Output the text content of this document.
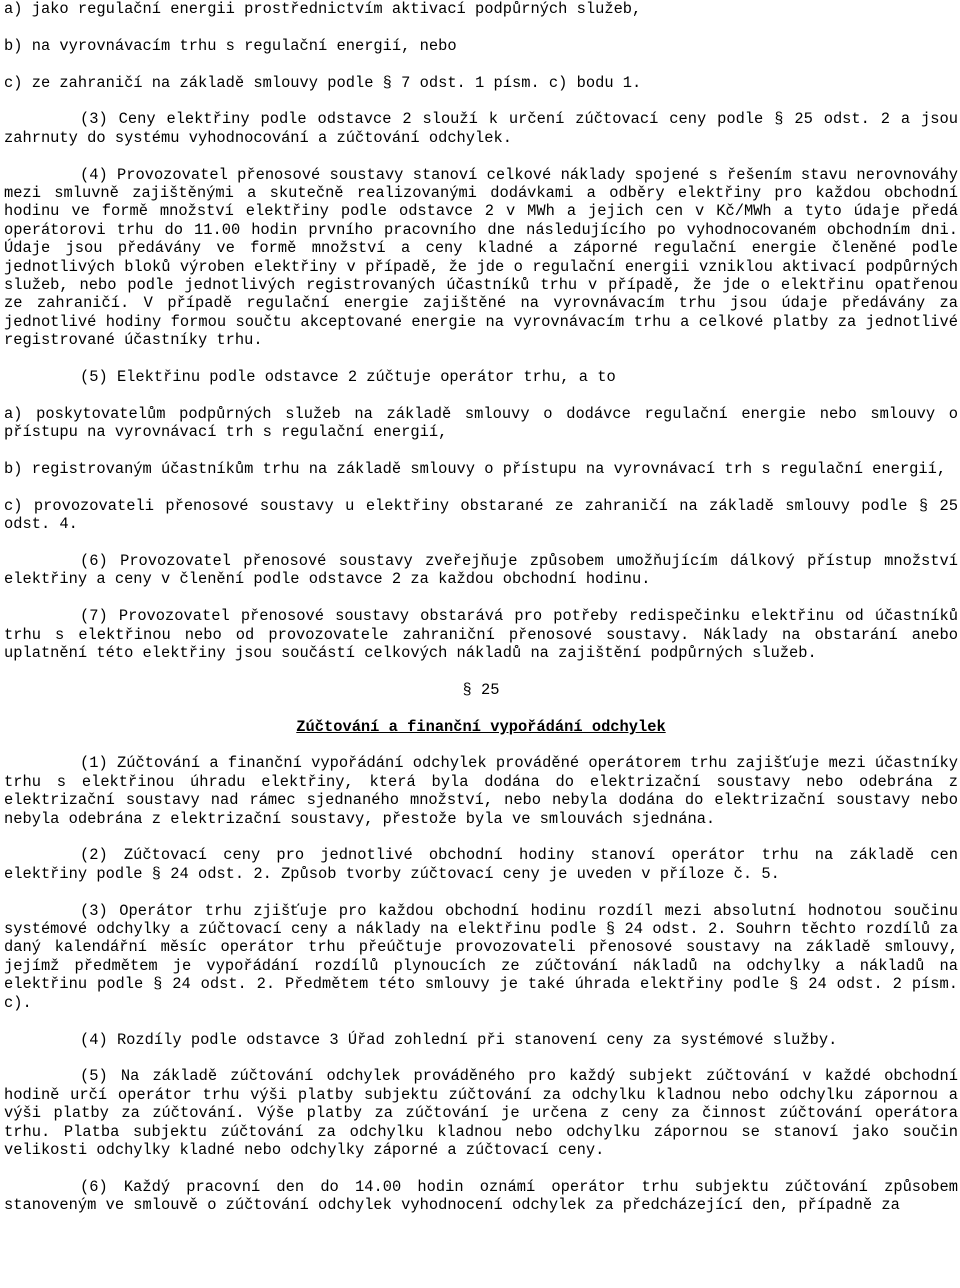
a) jako regulační energii prostřednictvím aktivací podpůrných služeb,

b) na vyrovnávacím trhu s regulační energií, nebo

c) ze zahraničí na základě smlouvy podle § 7 odst. 1 písm. c) bodu 1.

(3) Ceny elektřiny podle odstavce 2 slouží k určení zúčtovací ceny podle § 25 odst. 2 a jsou zahrnuty do systému vyhodnocování a zúčtování odchylek.

(4) Provozovatel přenosové soustavy stanoví celkové náklady spojené s řešením stavu nerovnováhy mezi smluvně zajištěnými a skutečně realizovanými dodávkami a odběry elektřiny pro každou obchodní hodinu ve formě množství elektřiny podle odstavce 2 v MWh a jejich cen v Kč/MWh a tyto údaje předá operátorovi trhu do 11.00 hodin prvního pracovního dne následujícího po vyhodnocovaném obchodním dni. Údaje jsou předávány ve formě množství a ceny kladné a záporné regulační energie členěné podle jednotlivých bloků výroben elektřiny v případě, že jde o regulační energii vzniklou aktivací podpůrných služeb, nebo podle jednotlivých registrovaných účastníků trhu v případě, že jde o elektřinu opatřenou ze zahraničí. V případě regulační energie zajištěné na vyrovnávacím trhu jsou údaje předávány za jednotlivé hodiny formou součtu akceptované energie na vyrovnávacím trhu a celkové platby za jednotlivé registrované účastníky trhu.

(5) Elektřinu podle odstavce 2 zúčtuje operátor trhu, a to

a) poskytovatelům podpůrných služeb na základě smlouvy o dodávce regulační energie nebo smlouvy o přístupu na vyrovnávací trh s regulační energií,

b) registrovaným účastníkům trhu na základě smlouvy o přístupu na vyrovnávací trh s regulační energií,

c) provozovateli přenosové soustavy u elektřiny obstarané ze zahraničí na základě smlouvy podle § 25 odst. 4.

(6) Provozovatel přenosové soustavy zveřejňuje způsobem umožňujícím dálkový přístup množství elektřiny a ceny v členění podle odstavce 2 za každou obchodní hodinu.

(7) Provozovatel přenosové soustavy obstarává pro potřeby redispečinku elektřinu od účastníků trhu s elektřinou nebo od provozovatele zahraniční přenosové soustavy. Náklady na obstarání anebo uplatnění této elektřiny jsou součástí celkových nákladů na zajištění podpůrných služeb.

§ 25

Zúčtování a finanční vypořádání odchylek

(1) Zúčtování a finanční vypořádání odchylek prováděné operátorem trhu zajišťuje mezi účastníky trhu s elektřinou úhradu elektřiny, která byla dodána do elektrizační soustavy nebo odebrána z elektrizační soustavy nad rámec sjednaného množství, nebo nebyla dodána do elektrizační soustavy nebo nebyla odebrána z elektrizační soustavy, přestože byla ve smlouvách sjednána.

(2) Zúčtovací ceny pro jednotlivé obchodní hodiny stanoví operátor trhu na základě cen elektřiny podle § 24 odst. 2. Způsob tvorby zúčtovací ceny je uveden v příloze č. 5.

(3) Operátor trhu zjišťuje pro každou obchodní hodinu rozdíl mezi absolutní hodnotou součinu systémové odchylky a zúčtovací ceny a náklady na elektřinu podle § 24 odst. 2. Souhrn těchto rozdílů za daný kalendářní měsíc operátor trhu přeúčtuje provozovateli přenosové soustavy na základě smlouvy, jejímž předmětem je vypořádání rozdílů plynoucích ze zúčtování nákladů na odchylky a nákladů na elektřinu podle § 24 odst. 2. Předmětem této smlouvy je také úhrada elektřiny podle § 24 odst. 2 písm. c).

(4) Rozdíly podle odstavce 3 Úřad zohlední při stanovení ceny za systémové služby.

(5) Na základě zúčtování odchylek prováděného pro každý subjekt zúčtování v každé obchodní hodině určí operátor trhu výši platby subjektu zúčtování za odchylku kladnou nebo odchylku zápornou a výši platby za zúčtování. Výše platby za zúčtování je určena z ceny za činnost zúčtování operátora trhu. Platba subjektu zúčtování za odchylku kladnou nebo odchylku zápornou se stanoví jako součin velikosti odchylky kladné nebo odchylky záporné a zúčtovací ceny.

(6) Každý pracovní den do 14.00 hodin oznámí operátor trhu subjektu zúčtování způsobem stanoveným ve smlouvě o zúčtování odchylek vyhodnocení odchylek za předcházející den, případně za
